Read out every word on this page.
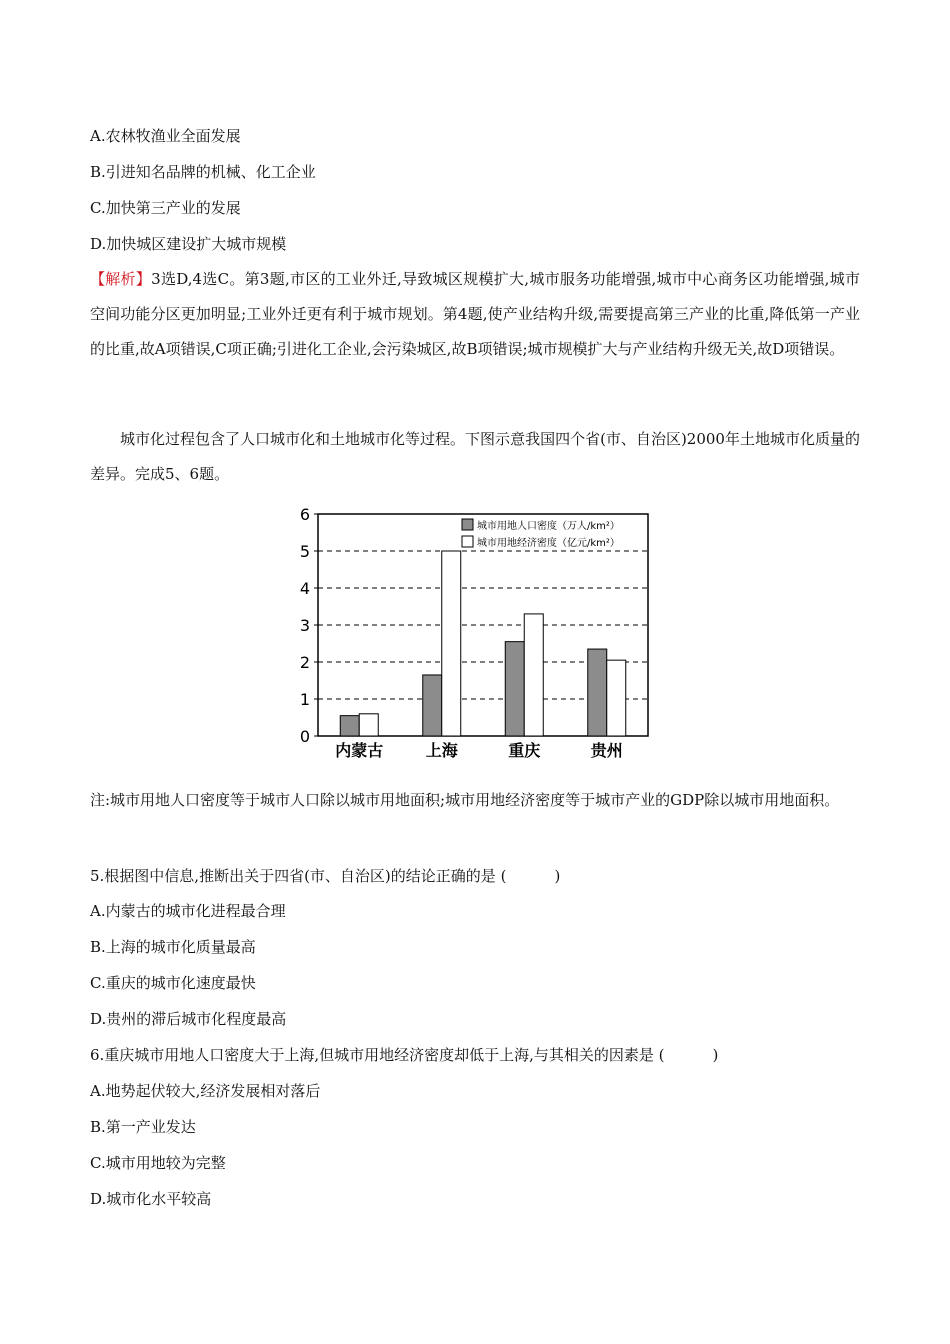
A.农林牧渔业全面发展
B.引进知名品牌的机械、化工企业
C.加快第三产业的发展
D.加快城区建设扩大城市规模
【解析】3选D,4选C。第3题,市区的工业外迁,导致城区规模扩大,城市服务功能增强,城市中心商务区功能增强,城市空间功能分区更加明显;工业外迁更有利于城市规划。第4题,使产业结构升级,需要提高第三产业的比重,降低第一产业的比重,故A项错误,C项正确;引进化工企业,会污染城区,故B项错误;城市规模扩大与产业结构升级无关,故D项错误。
城市化过程包含了人口城市化和土地城市化等过程。下图示意我国四个省(市、自治区)2000年土地城市化质量的差异。完成5、6题。
0
1
2
3
4
5
6
内蒙古	上海	重庆	贵州
城市用地人口密度（万人/km²）
城市用地经济密度（亿元/km²）
注:城市用地人口密度等于城市人口除以城市用地面积;城市用地经济密度等于城市产业的GDP除以城市用地面积。
5.根据图中信息,推断出关于四省(市、自治区)的结论正确的是 (	)
A.内蒙古的城市化进程最合理
B.上海的城市化质量最高
C.重庆的城市化速度最快
D.贵州的滞后城市化程度最高
6.重庆城市用地人口密度大于上海,但城市用地经济密度却低于上海,与其相关的因素是 (	)
A.地势起伏较大,经济发展相对落后
B.第一产业发达
C.城市用地较为完整
D.城市化水平较高
